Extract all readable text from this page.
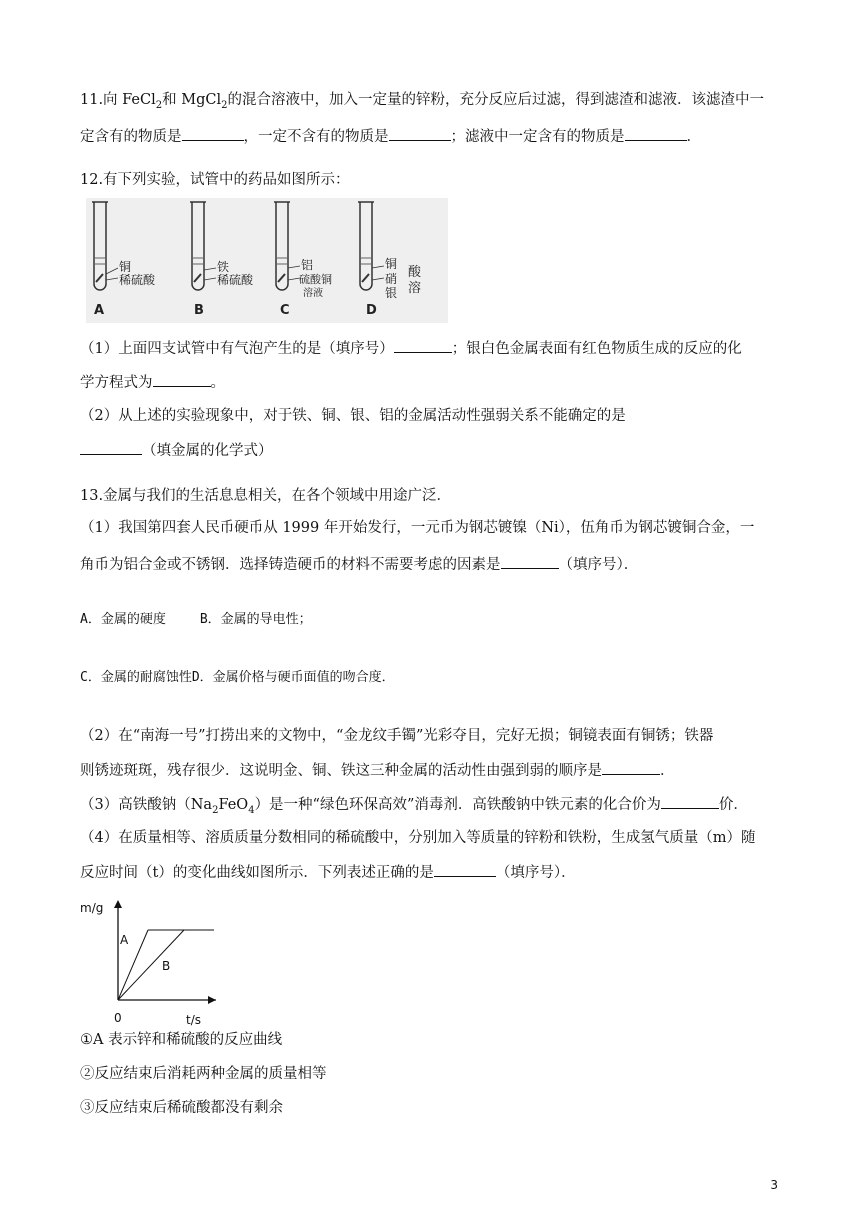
11.向 FeCl$_2$和 MgCl$_2$的混合溶液中，加入一定量的锌粉，充分反应后过滤，得到滤渣和滤液．该滤渣中一
定含有的物质是	，一定不含有的物质是	；滤液中一定含有的物质是	．
12.有下列实验，试管中的药品如图所示：
铜
稀硫酸
A
铁
稀硫酸
B
铝
硫酸铜
溶液
C
铜
硝
银
酸
溶
D
（1）上面四支试管中有气泡产生的是（填序号）	；银白色金属表面有红色物质生成的反应的化
学方程式为	。
（2）从上述的实验现象中，对于铁、铜、银、铝的金属活动性强弱关系不能确定的是
（填金属的化学式）
13.金属与我们的生活息息相关，在各个领域中用途广泛．
（1）我国第四套人民币硬币从 1999 年开始发行，一元币为钢芯镀镍（Ni），伍角币为钢芯镀铜合金，一
角币为铝合金或不锈钢．选择铸造硬币的材料不需要考虑的因素是	（填序号）．
A．金属的硬度	B．金属的导电性；
C．金属的耐腐蚀性D．金属价格与硬币面值的吻合度．
（2）在“南海一号”打捞出来的文物中，“金龙纹手镯”光彩夺目，完好无损；铜镜表面有铜锈；铁器
则锈迹斑斑，残存很少．这说明金、铜、铁这三种金属的活动性由强到弱的顺序是	．
（3）高铁酸钠$(Na_2FeO_4)$是一种“绿色环保高效”消毒剂．高铁酸钠中铁元素的化合价为	价．
（4）在质量相等、溶质质量分数相同的稀硫酸中，分别加入等质量的锌粉和铁粉，生成氢气质量（m）随
反应时间（t）的变化曲线如图所示．下列表述正确的是	（填序号）．
m/g
t/s
0
A
B
①A 表示锌和稀硫酸的反应曲线
②反应结束后消耗两种金属的质量相等
③反应结束后稀硫酸都没有剩余
3
